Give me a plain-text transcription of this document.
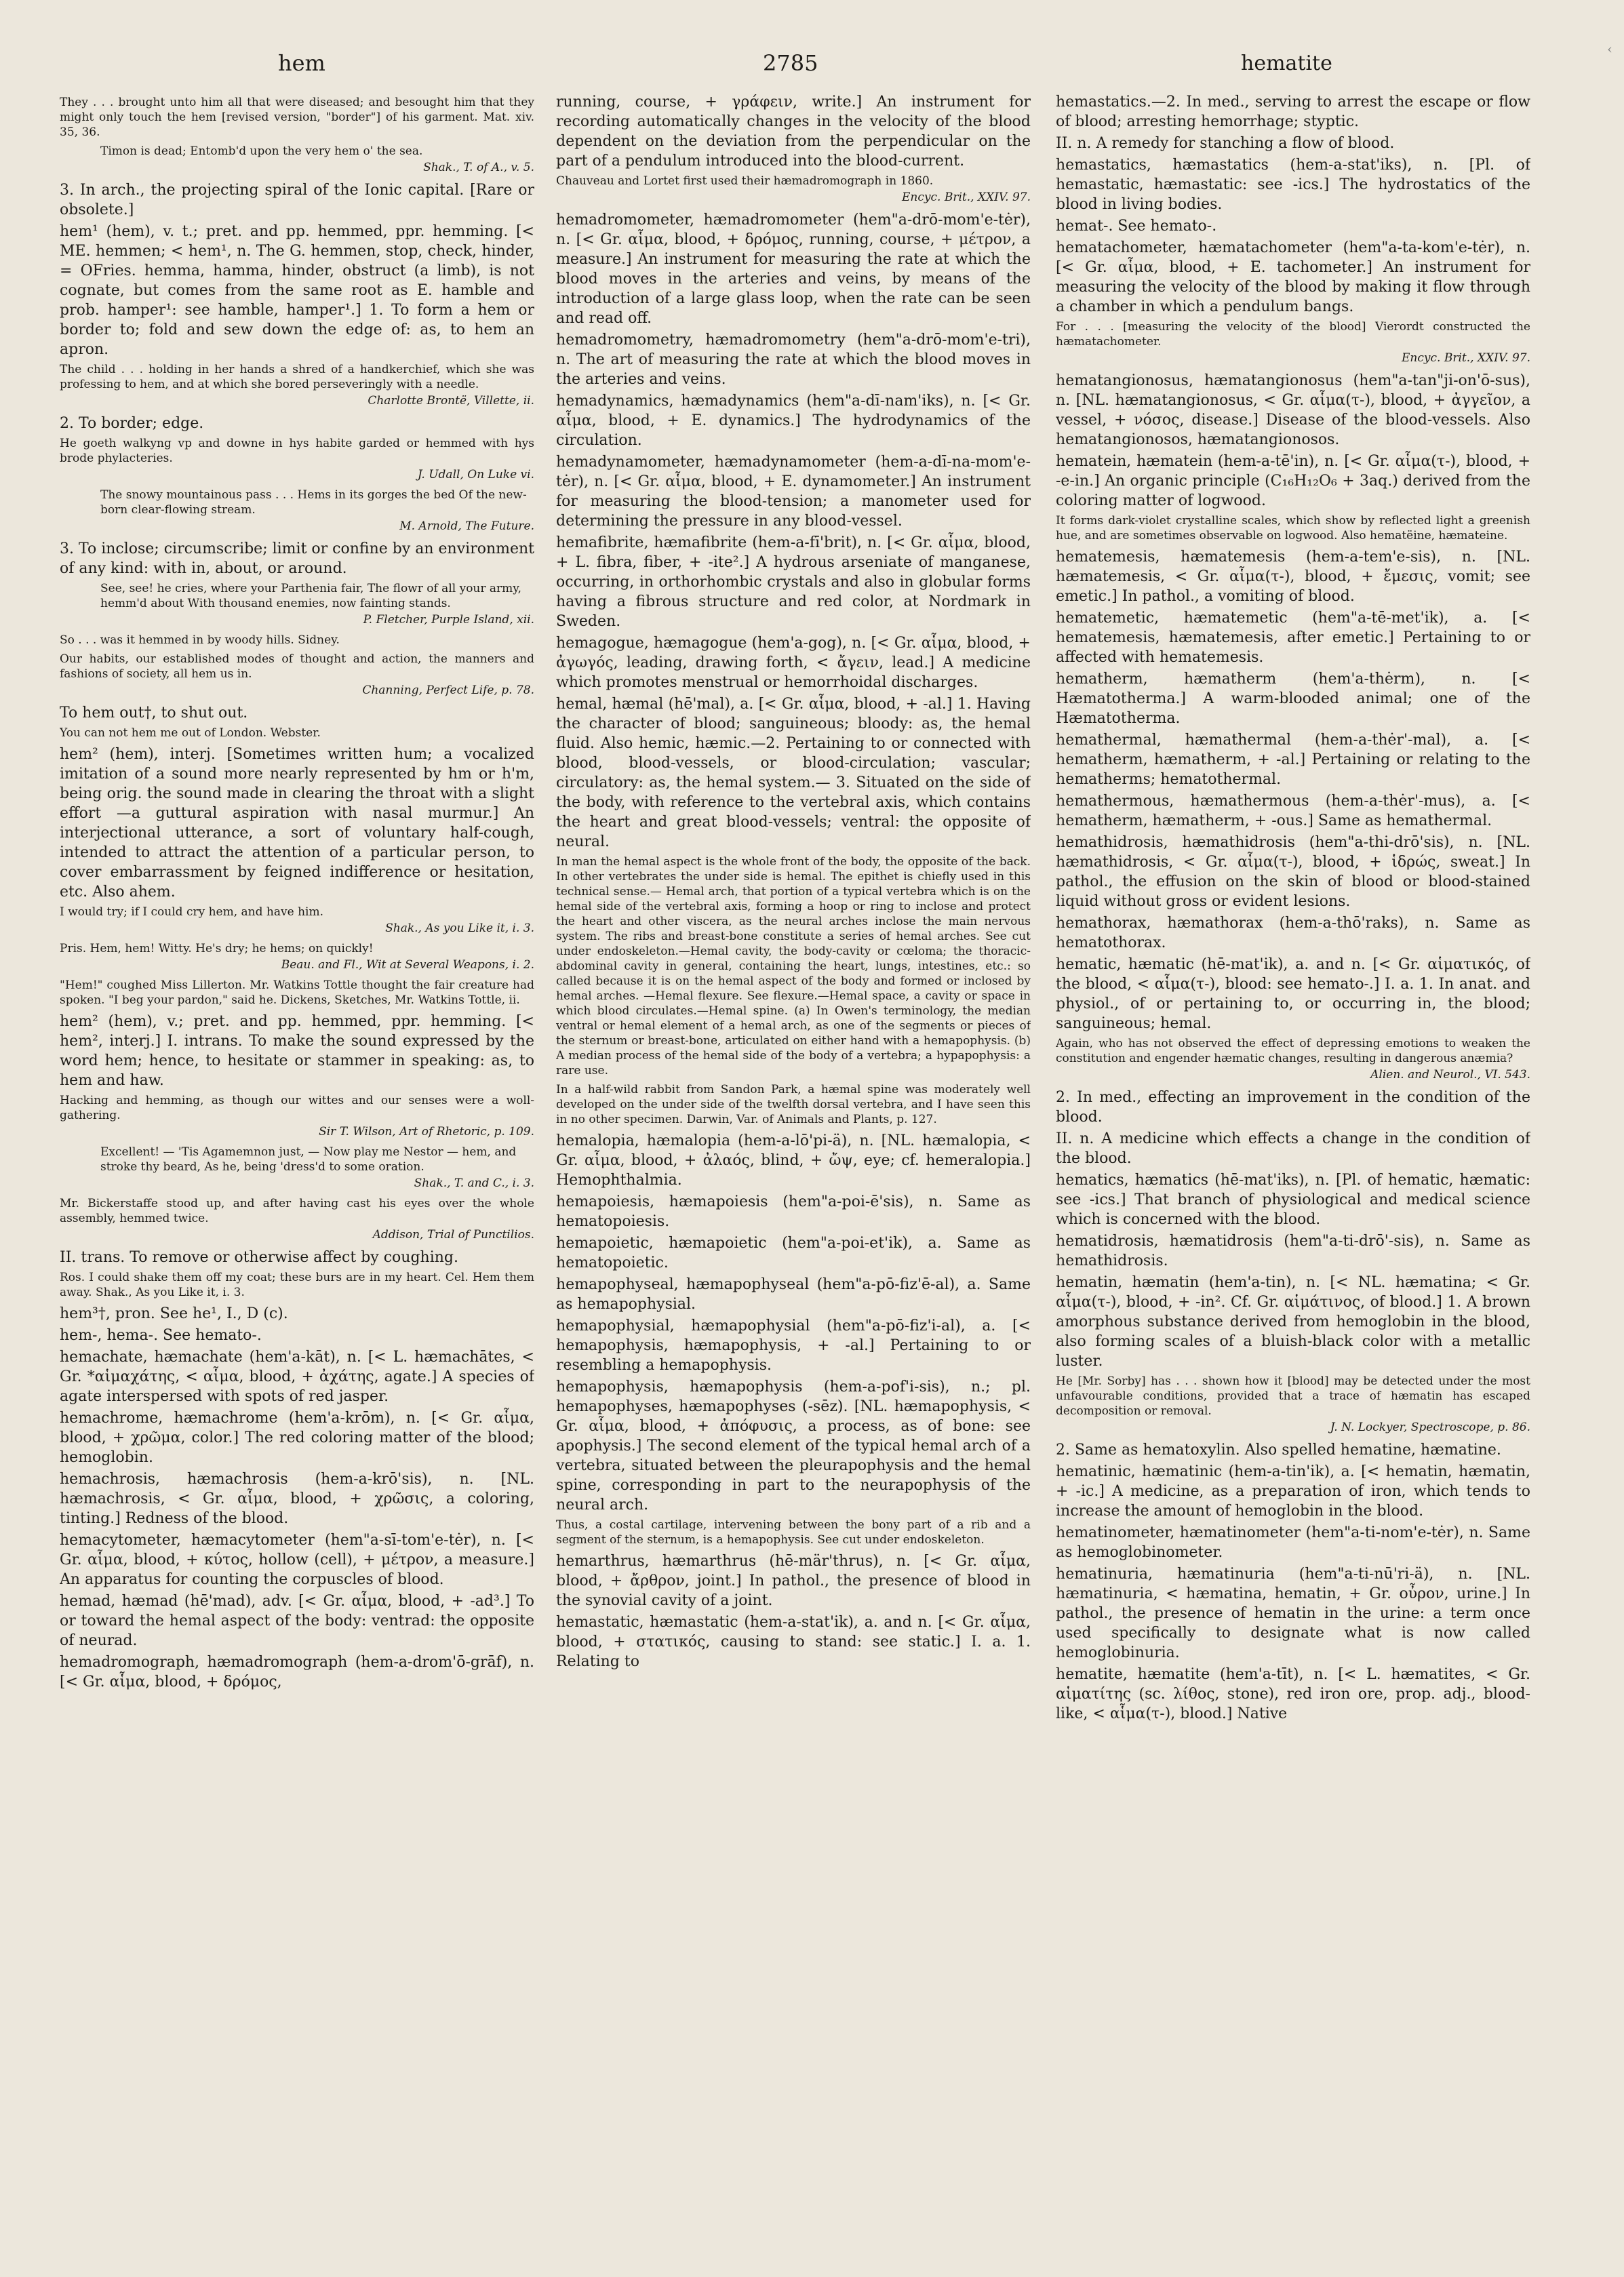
hem	2785	hematite
‹

They . . . brought unto him all that were diseased; and besought him that they might only touch the hem [revised version, "border"] of his garment. Mat. xiv. 35, 36.

Timon is dead; Entomb'd upon the very hem o' the sea.

Shak., T. of A., v. 5.

3. In arch., the projecting spiral of the Ionic capital. [Rare or obsolete.]

hem¹ (hem), v. t.; pret. and pp. hemmed, ppr. hemming. [< ME. hemmen; < hem¹, n. The G. hemmen, stop, check, hinder, = OFries. hemma, hamma, hinder, obstruct (a limb), is not cognate, but comes from the same root as E. hamble and prob. hamper¹: see hamble, hamper¹.] 1. To form a hem or border to; fold and sew down the edge of: as, to hem an apron.

The child . . . holding in her hands a shred of a handkerchief, which she was professing to hem, and at which she bored perseveringly with a needle.

Charlotte Brontë, Villette, ii.

2. To border; edge.

He goeth walkyng vp and downe in hys habite garded or hemmed with hys brode phylacteries.

J. Udall, On Luke vi.

The snowy mountainous pass . . . Hems in its gorges the bed Of the new-born clear-flowing stream.

M. Arnold, The Future.

3. To inclose; circumscribe; limit or confine by an environment of any kind: with in, about, or around.

See, see! he cries, where your Parthenia fair, The flowr of all your army, hemm'd about With thousand enemies, now fainting stands.

P. Fletcher, Purple Island, xii.

So . . . was it hemmed in by woody hills. Sidney.

Our habits, our established modes of thought and action, the manners and fashions of society, all hem us in.

Channing, Perfect Life, p. 78.

To hem out†, to shut out.

You can not hem me out of London. Webster.

hem² (hem), interj. [Sometimes written hum; a vocalized imitation of a sound more nearly represented by hm or h'm, being orig. the sound made in clearing the throat with a slight effort —a guttural aspiration with nasal murmur.] An interjectional utterance, a sort of voluntary half-cough, intended to attract the attention of a particular person, to cover embarrassment by feigned indifference or hesitation, etc. Also ahem.

I would try; if I could cry hem, and have him.

Shak., As you Like it, i. 3.

Pris. Hem, hem! Witty. He's dry; he hems; on quickly!

Beau. and Fl., Wit at Several Weapons, i. 2.

"Hem!" coughed Miss Lillerton. Mr. Watkins Tottle thought the fair creature had spoken. "I beg your pardon," said he. Dickens, Sketches, Mr. Watkins Tottle, ii.

hem² (hem), v.; pret. and pp. hemmed, ppr. hemming. [< hem², interj.] I. intrans. To make the sound expressed by the word hem; hence, to hesitate or stammer in speaking: as, to hem and haw.

Hacking and hemming, as though our wittes and our senses were a woll-gathering.

Sir T. Wilson, Art of Rhetoric, p. 109.

Excellent! — 'Tis Agamemnon just, — Now play me Nestor — hem, and stroke thy beard, As he, being 'dress'd to some oration.

Shak., T. and C., i. 3.

Mr. Bickerstaffe stood up, and after having cast his eyes over the whole assembly, hemmed twice.

Addison, Trial of Punctilios.

II. trans. To remove or otherwise affect by coughing.

Ros. I could shake them off my coat; these burs are in my heart. Cel. Hem them away. Shak., As you Like it, i. 3.

hem³†, pron. See he¹, I., D (c).

hem-, hema-. See hemato-.

hemachate, hæmachate (hem'a-kāt), n. [< L. hæmachātes, < Gr. *αἱμαχάτης, < αἷμα, blood, + ἀχάτης, agate.] A species of agate interspersed with spots of red jasper.

hemachrome, hæmachrome (hem'a-krōm), n. [< Gr. αἷμα, blood, + χρῶμα, color.] The red coloring matter of the blood; hemoglobin.

hemachrosis, hæmachrosis (hem-a-krō'sis), n. [NL. hæmachrosis, < Gr. αἷμα, blood, + χρῶσις, a coloring, tinting.] Redness of the blood.

hemacytometer, hæmacytometer (hem"a-sī-tom'e-tėr), n. [< Gr. αἷμα, blood, + κύτος, hollow (cell), + μέτρον, a measure.] An apparatus for counting the corpuscles of blood.

hemad, hæmad (hē'mad), adv. [< Gr. αἷμα, blood, + -ad³.] To or toward the hemal aspect of the body: ventrad: the opposite of neurad.

hemadromograph, hæmadromograph (hem-a-drom'ō-grāf), n. [< Gr. αἷμα, blood, + δρόμος,

running, course, + γράφειν, write.] An instrument for recording automatically changes in the velocity of the blood dependent on the deviation from the perpendicular on the part of a pendulum introduced into the blood-current.

Chauveau and Lortet first used their hæmadromograph in 1860.

Encyc. Brit., XXIV. 97.

hemadromometer, hæmadromometer (hem"a-drō-mom'e-tėr), n. [< Gr. αἷμα, blood, + δρόμος, running, course, + μέτρον, a measure.] An instrument for measuring the rate at which the blood moves in the arteries and veins, by means of the introduction of a large glass loop, when the rate can be seen and read off.

hemadromometry, hæmadromometry (hem"a-drō-mom'e-tri), n. The art of measuring the rate at which the blood moves in the arteries and veins.

hemadynamics, hæmadynamics (hem"a-dī-nam'iks), n. [< Gr. αἷμα, blood, + E. dynamics.] The hydrodynamics of the circulation.

hemadynamometer, hæmadynamometer (hem-a-dī-na-mom'e-tėr), n. [< Gr. αἷμα, blood, + E. dynamometer.] An instrument for measuring the blood-tension; a manometer used for determining the pressure in any blood-vessel.

hemafibrite, hæmafibrite (hem-a-fī'brit), n. [< Gr. αἷμα, blood, + L. fibra, fiber, + -ite².] A hydrous arseniate of manganese, occurring, in orthorhombic crystals and also in globular forms having a fibrous structure and red color, at Nordmark in Sweden.

hemagogue, hæmagogue (hem'a-gog), n. [< Gr. αἷμα, blood, + ἀγωγός, leading, drawing forth, < ἄγειν, lead.] A medicine which promotes menstrual or hemorrhoidal discharges.

hemal, hæmal (hē'mal), a. [< Gr. αἷμα, blood, + -al.] 1. Having the character of blood; sanguineous; bloody: as, the hemal fluid. Also hemic, hæmic.—2. Pertaining to or connected with blood, blood-vessels, or blood-circulation; vascular; circulatory: as, the hemal system.— 3. Situated on the side of the body, with reference to the vertebral axis, which contains the heart and great blood-vessels; ventral: the opposite of neural.

In man the hemal aspect is the whole front of the body, the opposite of the back. In other vertebrates the under side is hemal. The epithet is chiefly used in this technical sense.— Hemal arch, that portion of a typical vertebra which is on the hemal side of the vertebral axis, forming a hoop or ring to inclose and protect the heart and other viscera, as the neural arches inclose the main nervous system. The ribs and breast-bone constitute a series of hemal arches. See cut under endoskeleton.—Hemal cavity, the body-cavity or cœloma; the thoracic-abdominal cavity in general, containing the heart, lungs, intestines, etc.: so called because it is on the hemal aspect of the body and formed or inclosed by hemal arches. —Hemal flexure. See flexure.—Hemal space, a cavity or space in which blood circulates.—Hemal spine. (a) In Owen's terminology, the median ventral or hemal element of a hemal arch, as one of the segments or pieces of the sternum or breast-bone, articulated on either hand with a hemapophysis. (b) A median process of the hemal side of the body of a vertebra; a hypapophysis: a rare use.

In a half-wild rabbit from Sandon Park, a hæmal spine was moderately well developed on the under side of the twelfth dorsal vertebra, and I have seen this in no other specimen. Darwin, Var. of Animals and Plants, p. 127.

hemalopia, hæmalopia (hem-a-lō'pi-ä), n. [NL. hæmalopia, < Gr. αἷμα, blood, + ἀλαός, blind, + ὤψ, eye; cf. hemeralopia.] Hemophthalmia.

hemapoiesis, hæmapoiesis (hem"a-poi-ē'sis), n. Same as hematopoiesis.

hemapoietic, hæmapoietic (hem"a-poi-et'ik), a. Same as hematopoietic.

hemapophyseal, hæmapophyseal (hem"a-pō-fiz'ē-al), a. Same as hemapophysial.

hemapophysial, hæmapophysial (hem"a-pō-fiz'i-al), a. [< hemapophysis, hæmapophysis, + -al.] Pertaining to or resembling a hemapophysis.

hemapophysis, hæmapophysis (hem-a-pof'i-sis), n.; pl. hemapophyses, hæmapophyses (-sēz). [NL. hæmapophysis, < Gr. αἷμα, blood, + ἀπόφυσις, a process, as of bone: see apophysis.] The second element of the typical hemal arch of a vertebra, situated between the pleurapophysis and the hemal spine, corresponding in part to the neurapophysis of the neural arch.

Thus, a costal cartilage, intervening between the bony part of a rib and a segment of the sternum, is a hemapophysis. See cut under endoskeleton.

hemarthrus, hæmarthrus (hē-mär'thrus), n. [< Gr. αἷμα, blood, + ἄρθρον, joint.] In pathol., the presence of blood in the synovial cavity of a joint.

hemastatic, hæmastatic (hem-a-stat'ik), a. and n. [< Gr. αἷμα, blood, + στατικός, causing to stand: see static.] I. a. 1. Relating to

hemastatics.—2. In med., serving to arrest the escape or flow of blood; arresting hemorrhage; styptic.

II. n. A remedy for stanching a flow of blood.

hemastatics, hæmastatics (hem-a-stat'iks), n. [Pl. of hemastatic, hæmastatic: see -ics.] The hydrostatics of the blood in living bodies.

hemat-. See hemato-.

hematachometer, hæmatachometer (hem"a-ta-kom'e-tėr), n. [< Gr. αἷμα, blood, + E. tachometer.] An instrument for measuring the velocity of the blood by making it flow through a chamber in which a pendulum bangs.

For . . . [measuring the velocity of the blood] Vierordt constructed the hæmatachometer.

Encyc. Brit., XXIV. 97.

hematangionosus, hæmatangionosus (hem"a-tan"ji-on'ō-sus), n. [NL. hæmatangionosus, < Gr. αἷμα(τ-), blood, + ἀγγεῖον, a vessel, + νόσος, disease.] Disease of the blood-vessels. Also hematangionosos, hæmatangionosos.

hematein, hæmatein (hem-a-tē'in), n. [< Gr. αἷμα(τ-), blood, + -e-in.] An organic principle (C₁₆H₁₂O₆ + 3aq.) derived from the coloring matter of logwood.

It forms dark-violet crystalline scales, which show by reflected light a greenish hue, and are sometimes observable on logwood. Also hematëine, hæmateine.

hematemesis, hæmatemesis (hem-a-tem'e-sis), n. [NL. hæmatemesis, < Gr. αἷμα(τ-), blood, + ἔμεσις, vomit; see emetic.] In pathol., a vomiting of blood.

hematemetic, hæmatemetic (hem"a-tē-met'ik), a. [< hematemesis, hæmatemesis, after emetic.] Pertaining to or affected with hematemesis.

hematherm, hæmatherm (hem'a-thėrm), n. [< Hæmatotherma.] A warm-blooded animal; one of the Hæmatotherma.

hemathermal, hæmathermal (hem-a-thėr'-mal), a. [< hematherm, hæmatherm, + -al.] Pertaining or relating to the hematherms; hematothermal.

hemathermous, hæmathermous (hem-a-thėr'-mus), a. [< hematherm, hæmatherm, + -ous.] Same as hemathermal.

hemathidrosis, hæmathidrosis (hem"a-thi-drō'sis), n. [NL. hæmathidrosis, < Gr. αἷμα(τ-), blood, + ἱδρώς, sweat.] In pathol., the effusion on the skin of blood or blood-stained liquid without gross or evident lesions.

hemathorax, hæmathorax (hem-a-thō'raks), n. Same as hematothorax.

hematic, hæmatic (hē-mat'ik), a. and n. [< Gr. αἱματικός, of the blood, < αἷμα(τ-), blood: see hemato-.] I. a. 1. In anat. and physiol., of or pertaining to, or occurring in, the blood; sanguineous; hemal.

Again, who has not observed the effect of depressing emotions to weaken the constitution and engender hæmatic changes, resulting in dangerous anæmia?

Alien. and Neurol., VI. 543.

2. In med., effecting an improvement in the condition of the blood.

II. n. A medicine which effects a change in the condition of the blood.

hematics, hæmatics (hē-mat'iks), n. [Pl. of hematic, hæmatic: see -ics.] That branch of physiological and medical science which is concerned with the blood.

hematidrosis, hæmatidrosis (hem"a-ti-drō'-sis), n. Same as hemathidrosis.

hematin, hæmatin (hem'a-tin), n. [< NL. hæmatina; < Gr. αἷμα(τ-), blood, + -in². Cf. Gr. αἱμάτινος, of blood.] 1. A brown amorphous substance derived from hemoglobin in the blood, also forming scales of a bluish-black color with a metallic luster.

He [Mr. Sorby] has . . . shown how it [blood] may be detected under the most unfavourable conditions, provided that a trace of hæmatin has escaped decomposition or removal.

J. N. Lockyer, Spectroscope, p. 86.

2. Same as hematoxylin. Also spelled hematine, hæmatine.

hematinic, hæmatinic (hem-a-tin'ik), a. [< hematin, hæmatin, + -ic.] A medicine, as a preparation of iron, which tends to increase the amount of hemoglobin in the blood.

hematinometer, hæmatinometer (hem"a-ti-nom'e-tėr), n. Same as hemoglobinometer.

hematinuria, hæmatinuria (hem"a-ti-nū'ri-ä), n. [NL. hæmatinuria, < hæmatina, hematin, + Gr. οὖρον, urine.] In pathol., the presence of hematin in the urine: a term once used specifically to designate what is now called hemoglobinuria.

hematite, hæmatite (hem'a-tīt), n. [< L. hæmatites, < Gr. αἱματίτης (sc. λίθος, stone), red iron ore, prop. adj., blood-like, < αἷμα(τ-), blood.] Native
